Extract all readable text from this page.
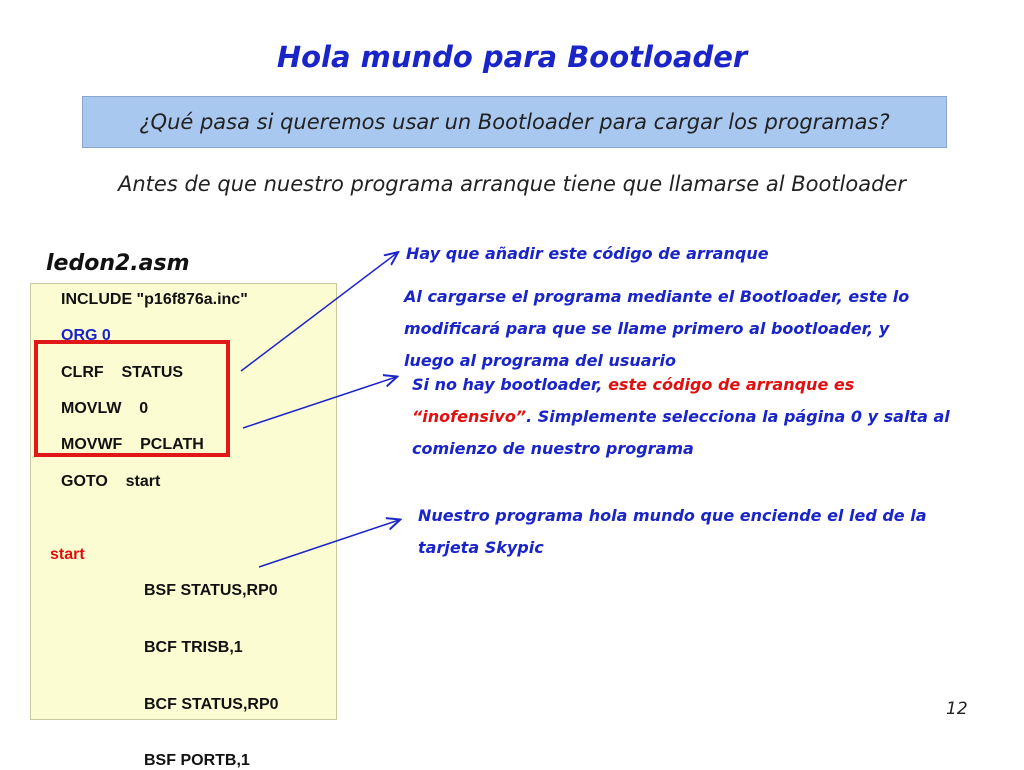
Hola mundo para Bootloader
¿Qué pasa si queremos usar un Bootloader para cargar los programas?
Antes de que nuestro programa arranque tiene que llamarse al Bootloader
ledon2.asm
INCLUDE "p16f876a.inc"
ORG 0
CLRF    STATUS
MOVLW    0
MOVWF    PCLATH
GOTO    start
start
BSF STATUS,RP0
BCF TRISB,1
BCF STATUS,RP0
BSF PORTB,1
Hay que añadir este código de arranque
Al cargarse el programa mediante el Bootloader, este lo
modificará para que se llame primero al bootloader, y
luego al programa del usuario
Si no hay bootloader, este código de arranque es
“inofensivo”. Simplemente selecciona la página 0 y salta al
comienzo de nuestro programa
Nuestro programa hola mundo que enciende el led de la
tarjeta Skypic
12
